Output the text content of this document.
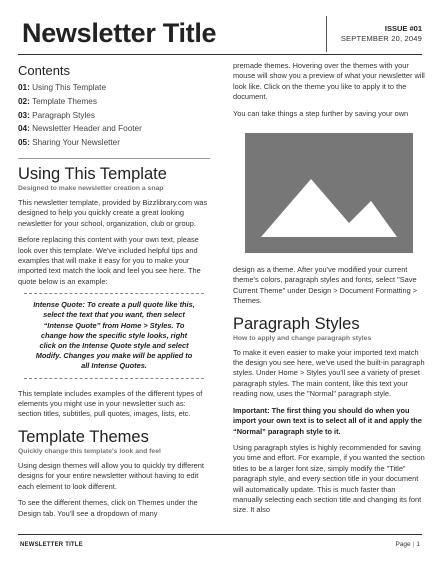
Newsletter Title	ISSUE #01
SEPTEMBER 20, 2049
Contents
01: Using This Template
02: Template Themes
03: Paragraph Styles
04: Newsletter Header and Footer
05: Sharing Your Newsletter
Using This Template
Designed to make newsletter creation a snap

This newsletter template, provided by Bizzlibrary.com was designed to help you quickly create a great looking newsletter for your school, organization, club or group.

Before replacing this content with your own text, please look over this template. We've included helpful tips and examples that will make it easy for you to make your imported text match the look and feel you see here. The quote below is an example:

Intense Quote: To create a pull quote like this, select the text that you want, then select “Intense Quote” from Home > Styles. To change how the specific style looks, right click on the Intense Quote style and select Modify. Changes you make will be applied to all Intense Quotes.

This template includes examples of the different types of elements you might use in your newsletter such as: section titles, subtitles, pull quotes, images, lists, etc.

Template Themes
Quickly change this template's look and feel

Using design themes will allow you to quickly try different designs for your entire newsletter without having to edit each element to look different.

To see the different themes, click on Themes under the Design tab. You'll see a dropdown of many

premade themes. Hovering over the themes with your mouse will show you a preview of what your newsletter will look like. Click on the theme you like to apply it to the document.

You can take things a step further by saving your own

design as a theme. After you've modified your current theme's colors, paragraph styles and fonts, select "Save Current Theme" under Design > Document Formatting > Themes.

Paragraph Styles
How to apply and change paragraph styles

To make it even easier to make your imported text match the design you see here, we've used the built-in paragraph styles. Under Home > Styles you'll see a variety of preset paragraph styles. The main content, like this text your reading now, uses the "Normal" paragraph style.

Important: The first thing you should do when you import your own text is to select all of it and apply the “Normal” paragraph style to it.

Using paragraph styles is highly recommended for saving you time and effort. For example, if you wanted the section titles to be a larger font size, simply modify the "Title" paragraph style, and every section title in your document will automatically update. This is much faster than manually selecting each section title and changing its font size. It also

NEWSLETTER TITLE	Page | 1
